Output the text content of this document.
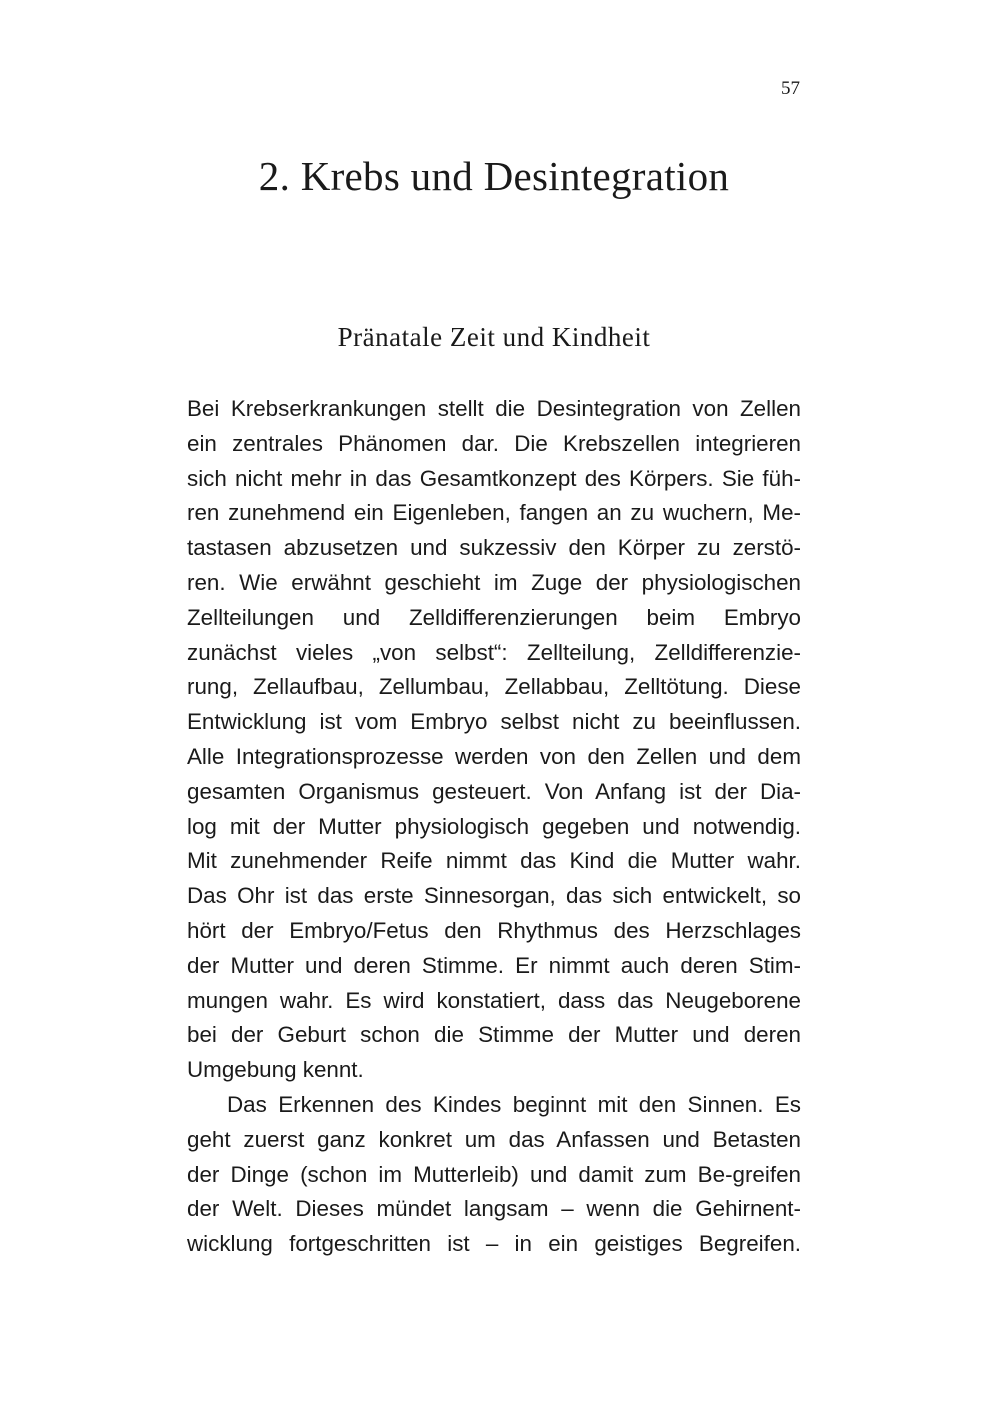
57
2. Krebs und Desintegration
Pränatale Zeit und Kindheit
Bei Krebserkrankungen stellt die Desintegration von Zellen
ein zentrales Phänomen dar. Die Krebszellen integrieren
sich nicht mehr in das Gesamtkonzept des Körpers. Sie füh-
ren zunehmend ein Eigenleben, fangen an zu wuchern, Me-
tastasen abzusetzen und sukzessiv den Körper zu zerstö-
ren. Wie erwähnt geschieht im Zuge der physiologischen
Zellteilungen und Zelldifferenzierungen beim Embryo
zunächst vieles „von selbst“: Zellteilung, Zelldifferenzie-
rung, Zellaufbau, Zellumbau, Zellabbau, Zelltötung. Diese
Entwicklung ist vom Embryo selbst nicht zu beeinflussen.
Alle Integrationsprozesse werden von den Zellen und dem
gesamten Organismus gesteuert. Von Anfang ist der Dia-
log mit der Mutter physiologisch gegeben und notwendig.
Mit zunehmender Reife nimmt das Kind die Mutter wahr.
Das Ohr ist das erste Sinnesorgan, das sich entwickelt, so
hört der Embryo/Fetus den Rhythmus des Herzschlages
der Mutter und deren Stimme. Er nimmt auch deren Stim-
mungen wahr. Es wird konstatiert, dass das Neugeborene
bei der Geburt schon die Stimme der Mutter und deren
Umgebung kennt.
Das Erkennen des Kindes beginnt mit den Sinnen. Es
geht zuerst ganz konkret um das Anfassen und Betasten
der Dinge (schon im Mutterleib) und damit zum Be-greifen
der Welt. Dieses mündet langsam – wenn die Gehirnent-
wicklung fortgeschritten ist – in ein geistiges Begreifen.
